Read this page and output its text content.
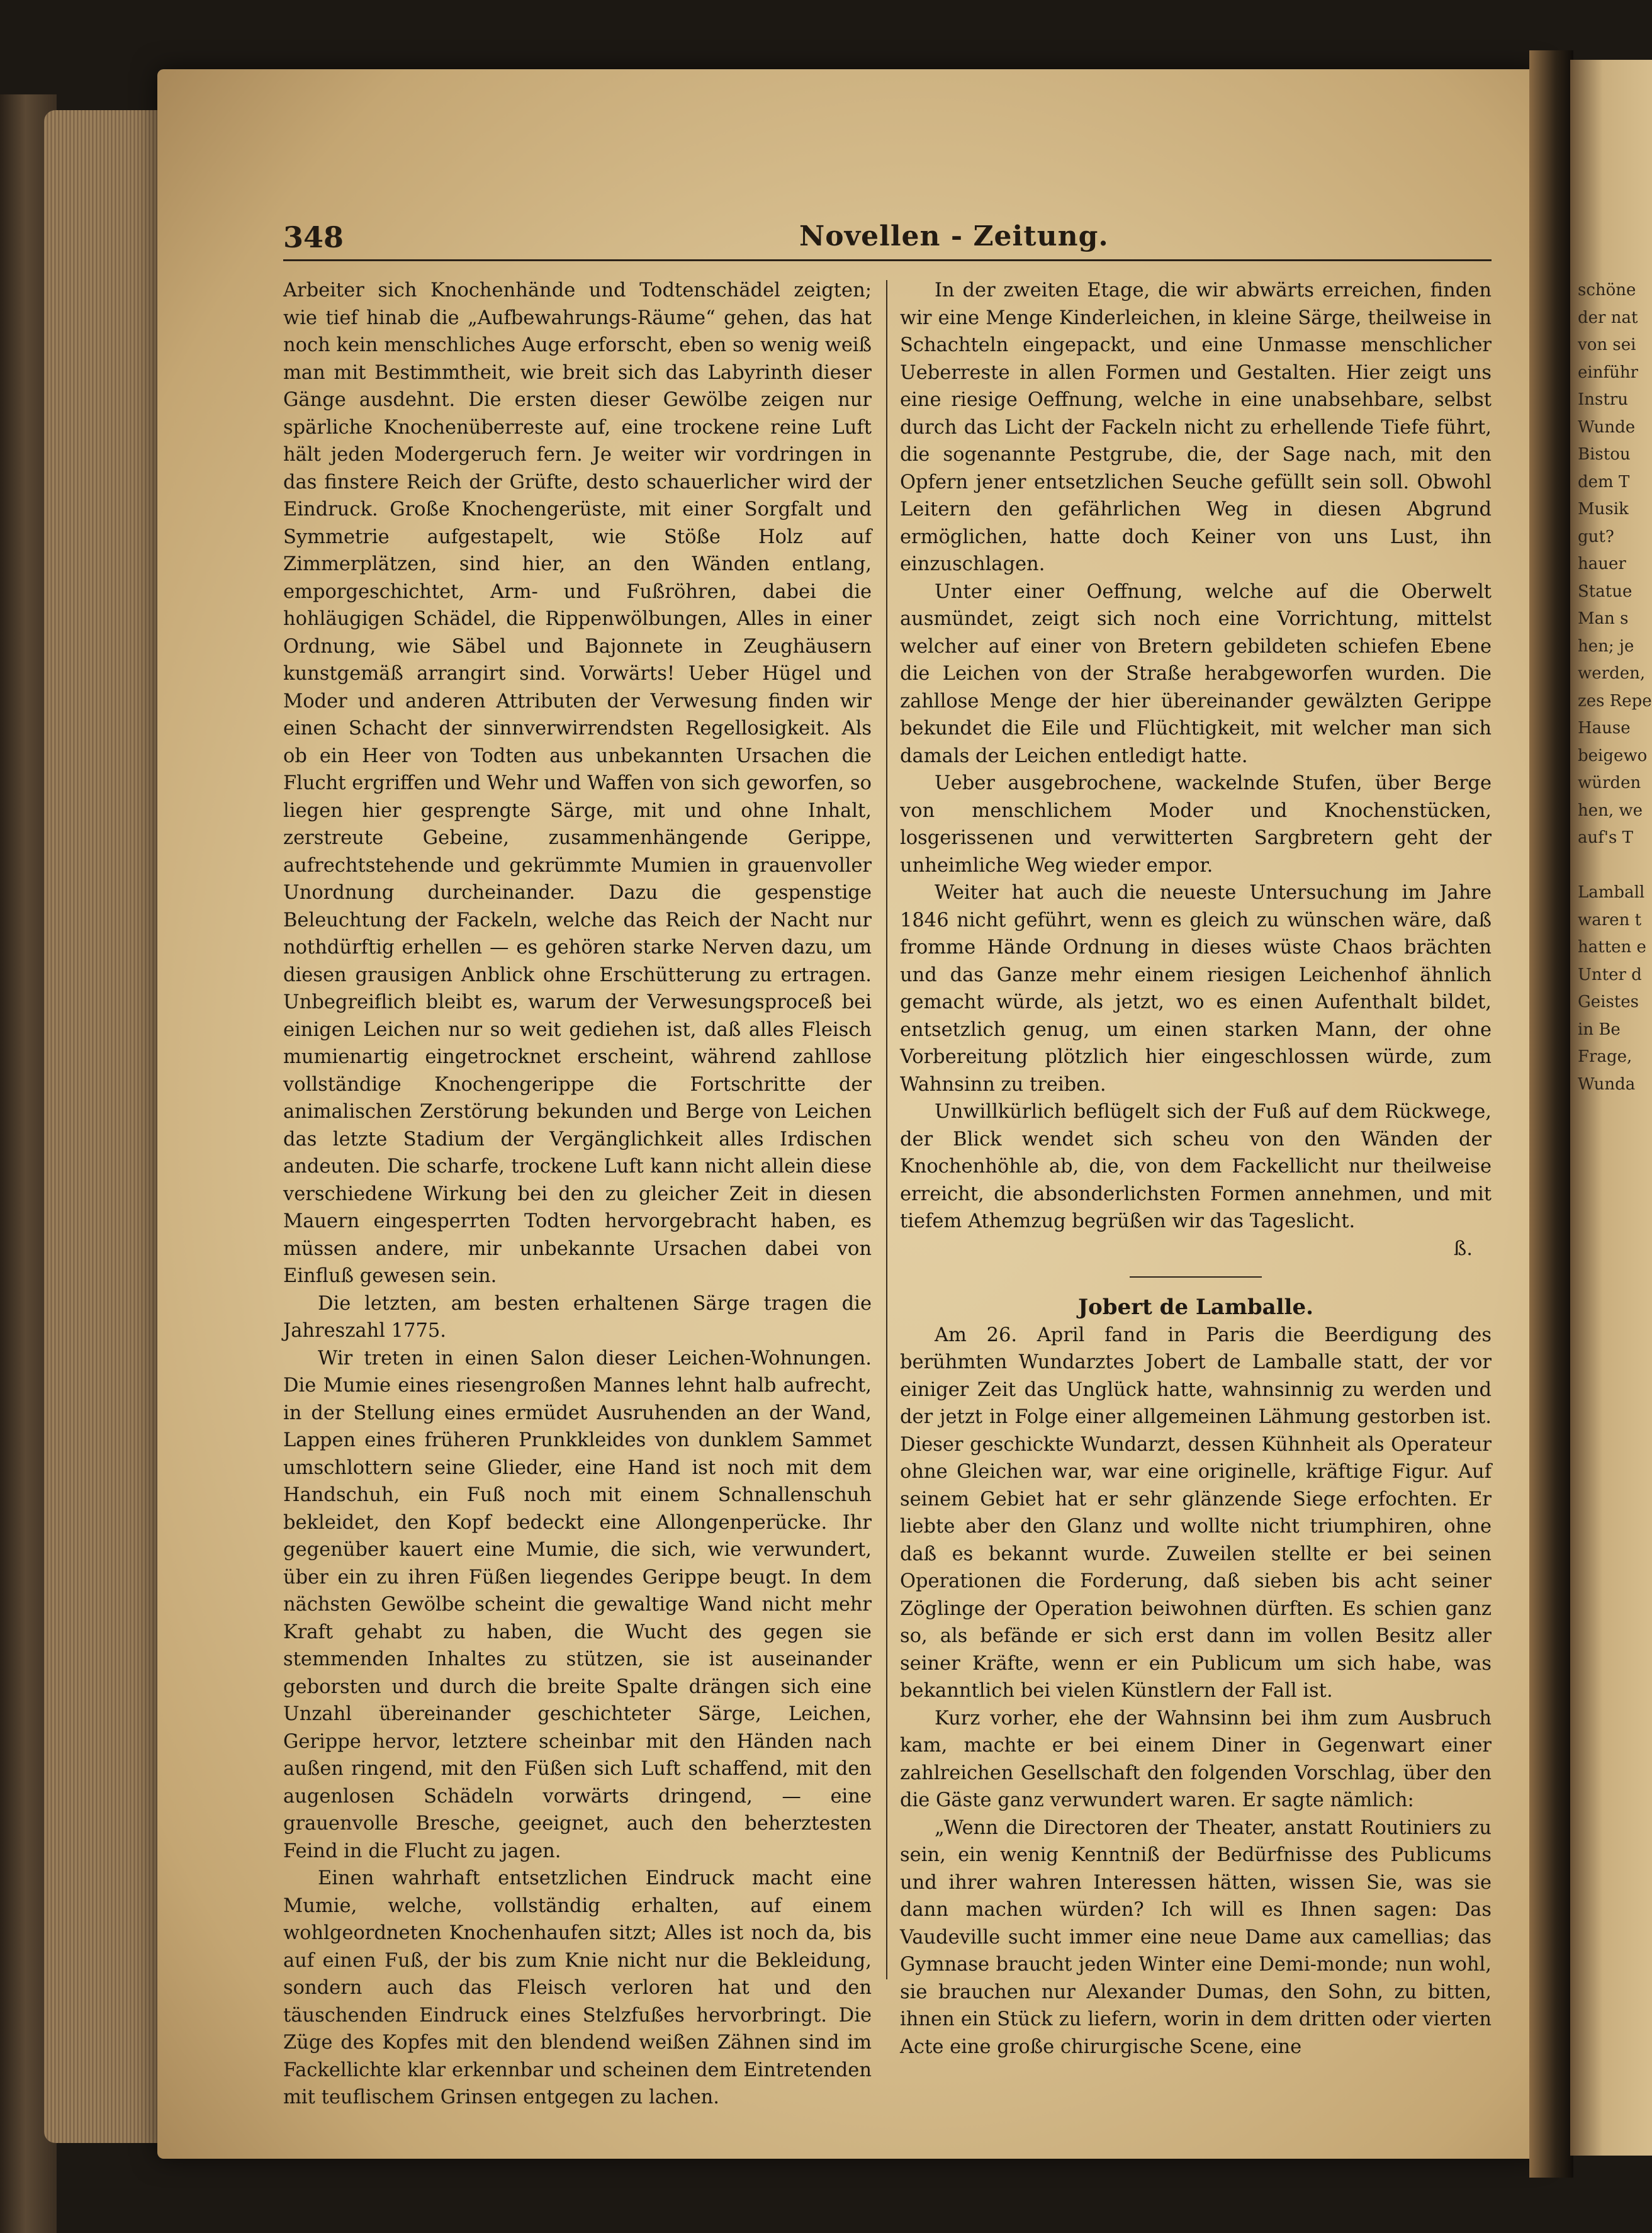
348	Novellen - Zeitung.

Arbeiter sich Knochenhände und Todtenschädel zeigten; wie tief hinab die „Aufbewahrungs-Räume“ gehen, das hat noch kein menschliches Auge erforscht, eben so wenig weiß man mit Bestimmtheit, wie breit sich das Labyrinth dieser Gänge ausdehnt. Die ersten dieser Gewölbe zeigen nur spärliche Knochenüberreste auf, eine trockene reine Luft hält jeden Modergeruch fern. Je weiter wir vordringen in das finstere Reich der Grüfte, desto schauerlicher wird der Eindruck. Große Knochengerüste, mit einer Sorgfalt und Symmetrie aufgestapelt, wie Stöße Holz auf Zimmerplätzen, sind hier, an den Wänden entlang, emporgeschichtet, Arm- und Fußröhren, dabei die hohläugigen Schädel, die Rippenwölbungen, Alles in einer Ordnung, wie Säbel und Bajonnete in Zeughäusern kunstgemäß arrangirt sind. Vorwärts! Ueber Hügel und Moder und anderen Attributen der Verwesung finden wir einen Schacht der sinnverwirrendsten Regellosigkeit. Als ob ein Heer von Todten aus unbekannten Ursachen die Flucht ergriffen und Wehr und Waffen von sich geworfen, so liegen hier gesprengte Särge, mit und ohne Inhalt, zerstreute Gebeine, zusammenhängende Gerippe, aufrechtstehende und gekrümmte Mumien in grauenvoller Unordnung durcheinander. Dazu die gespenstige Beleuchtung der Fackeln, welche das Reich der Nacht nur nothdürftig erhellen — es gehören starke Nerven dazu, um diesen grausigen Anblick ohne Erschütterung zu ertragen. Unbegreiflich bleibt es, warum der Verwesungsproceß bei einigen Leichen nur so weit gediehen ist, daß alles Fleisch mumienartig eingetrocknet erscheint, während zahllose vollständige Knochengerippe die Fortschritte der animalischen Zerstörung bekunden und Berge von Leichen das letzte Stadium der Vergänglichkeit alles Irdischen andeuten. Die scharfe, trockene Luft kann nicht allein diese verschiedene Wirkung bei den zu gleicher Zeit in diesen Mauern eingesperrten Todten hervorgebracht haben, es müssen andere, mir unbekannte Ursachen dabei von Einfluß gewesen sein.

Die letzten, am besten erhaltenen Särge tragen die Jahreszahl 1775.

Wir treten in einen Salon dieser Leichen-Wohnungen. Die Mumie eines riesengroßen Mannes lehnt halb aufrecht, in der Stellung eines ermüdet Ausruhenden an der Wand, Lappen eines früheren Prunkkleides von dunklem Sammet umschlottern seine Glieder, eine Hand ist noch mit dem Handschuh, ein Fuß noch mit einem Schnallenschuh bekleidet, den Kopf bedeckt eine Allongenperücke. Ihr gegenüber kauert eine Mumie, die sich, wie verwundert, über ein zu ihren Füßen liegendes Gerippe beugt. In dem nächsten Gewölbe scheint die gewaltige Wand nicht mehr Kraft gehabt zu haben, die Wucht des gegen sie stemmenden Inhaltes zu stützen, sie ist auseinander geborsten und durch die breite Spalte drängen sich eine Unzahl übereinander geschichteter Särge, Leichen, Gerippe hervor, letztere scheinbar mit den Händen nach außen ringend, mit den Füßen sich Luft schaffend, mit den augenlosen Schädeln vorwärts dringend, — eine grauenvolle Bresche, geeignet, auch den beherztesten Feind in die Flucht zu jagen.

Einen wahrhaft entsetzlichen Eindruck macht eine Mumie, welche, vollständig erhalten, auf einem wohlgeordneten Knochenhaufen sitzt; Alles ist noch da, bis auf einen Fuß, der bis zum Knie nicht nur die Bekleidung, sondern auch das Fleisch verloren hat und den täuschenden Eindruck eines Stelzfußes hervorbringt. Die Züge des Kopfes mit den blendend weißen Zähnen sind im Fackellichte klar erkennbar und scheinen dem Eintretenden mit teuflischem Grinsen entgegen zu lachen.

In der zweiten Etage, die wir abwärts erreichen, finden wir eine Menge Kinderleichen, in kleine Särge, theilweise in Schachteln eingepackt, und eine Unmasse menschlicher Ueberreste in allen Formen und Gestalten. Hier zeigt uns eine riesige Oeffnung, welche in eine unabsehbare, selbst durch das Licht der Fackeln nicht zu erhellende Tiefe führt, die sogenannte Pestgrube, die, der Sage nach, mit den Opfern jener entsetzlichen Seuche gefüllt sein soll. Obwohl Leitern den gefährlichen Weg in diesen Abgrund ermöglichen, hatte doch Keiner von uns Lust, ihn einzuschlagen.

Unter einer Oeffnung, welche auf die Oberwelt ausmündet, zeigt sich noch eine Vorrichtung, mittelst welcher auf einer von Bretern gebildeten schiefen Ebene die Leichen von der Straße herabgeworfen wurden. Die zahllose Menge der hier übereinander gewälzten Gerippe bekundet die Eile und Flüchtigkeit, mit welcher man sich damals der Leichen entledigt hatte.

Ueber ausgebrochene, wackelnde Stufen, über Berge von menschlichem Moder und Knochenstücken, losgerissenen und verwitterten Sargbretern geht der unheimliche Weg wieder empor.

Weiter hat auch die neueste Untersuchung im Jahre 1846 nicht geführt, wenn es gleich zu wünschen wäre, daß fromme Hände Ordnung in dieses wüste Chaos brächten und das Ganze mehr einem riesigen Leichenhof ähnlich gemacht würde, als jetzt, wo es einen Aufenthalt bildet, entsetzlich genug, um einen starken Mann, der ohne Vorbereitung plötzlich hier eingeschlossen würde, zum Wahnsinn zu treiben.

Unwillkürlich beflügelt sich der Fuß auf dem Rückwege, der Blick wendet sich scheu von den Wänden der Knochenhöhle ab, die, von dem Fackellicht nur theilweise erreicht, die absonderlichsten Formen annehmen, und mit tiefem Athemzug begrüßen wir das Tageslicht.

ß.

Jobert de Lamballe.

Am 26. April fand in Paris die Beerdigung des berühmten Wundarztes Jobert de Lamballe statt, der vor einiger Zeit das Unglück hatte, wahnsinnig zu werden und der jetzt in Folge einer allgemeinen Lähmung gestorben ist. Dieser geschickte Wundarzt, dessen Kühnheit als Operateur ohne Gleichen war, war eine originelle, kräftige Figur. Auf seinem Gebiet hat er sehr glänzende Siege erfochten. Er liebte aber den Glanz und wollte nicht triumphiren, ohne daß es bekannt wurde. Zuweilen stellte er bei seinen Operationen die Forderung, daß sieben bis acht seiner Zöglinge der Operation beiwohnen dürften. Es schien ganz so, als befände er sich erst dann im vollen Besitz aller seiner Kräfte, wenn er ein Publicum um sich habe, was bekanntlich bei vielen Künstlern der Fall ist.

Kurz vorher, ehe der Wahnsinn bei ihm zum Ausbruch kam, machte er bei einem Diner in Gegenwart einer zahlreichen Gesellschaft den folgenden Vorschlag, über den die Gäste ganz verwundert waren. Er sagte nämlich:

„Wenn die Directoren der Theater, anstatt Routiniers zu sein, ein wenig Kenntniß der Bedürfnisse des Publicums und ihrer wahren Interessen hätten, wissen Sie, was sie dann machen würden? Ich will es Ihnen sagen: Das Vaudeville sucht immer eine neue Dame aux camellias; das Gymnase braucht jeden Winter eine Demi-monde; nun wohl, sie brauchen nur Alexander Dumas, den Sohn, zu bitten, ihnen ein Stück zu liefern, worin in dem dritten oder vierten Acte eine große chirurgische Scene, eine

schöne
der nat
von sei
einführ
Instru
Wunde
Bistou
dem T
Musik
gut?
hauer
Statue
Man s
hen; je
werden,
zes Repe
Hause
beigewo
würden
hen, we
auf's T
Lamball
waren t
hatten e
Unter d
Geistes
in Be
Frage,
Wunda
